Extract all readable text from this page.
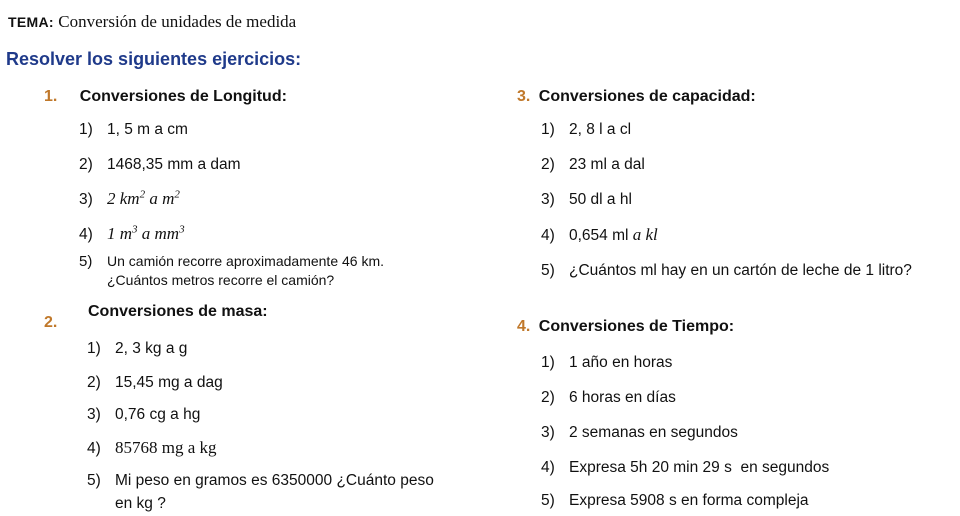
TEMA: Conversión de unidades de medida
Resolver los siguientes ejercicios:
1. Conversiones de Longitud:
1) 1, 5 m a cm
2) 1468,35 mm a dam
3) 2 $km^2$ a $m^2$
4) 1 $m^3$ a $mm^3$
5) Un camión recorre aproximadamente 46 km.
¿Cuántos metros recorre el camión?
2.
Conversiones de masa:
1) 2, 3 kg a g
2) 15,45 mg a dag
3) 0,76 cg a hg
4) 85768 mg a kg
5) Mi peso en gramos es 6350000 ¿Cuánto peso
en kg ?
3. Conversiones de capacidad:
1) 2, 8 l a cl
2) 23 ml a dal
3) 50 dl a hl
4) 0,654 ml a kl
5) ¿Cuántos ml hay en un cartón de leche de 1 litro?
4. Conversiones de Tiempo:
1) 1 año en horas
2) 6 horas en días
3) 2 semanas en segundos
4) Expresa 5h 20 min 29 s  en segundos
5) Expresa 5908 s en forma compleja
